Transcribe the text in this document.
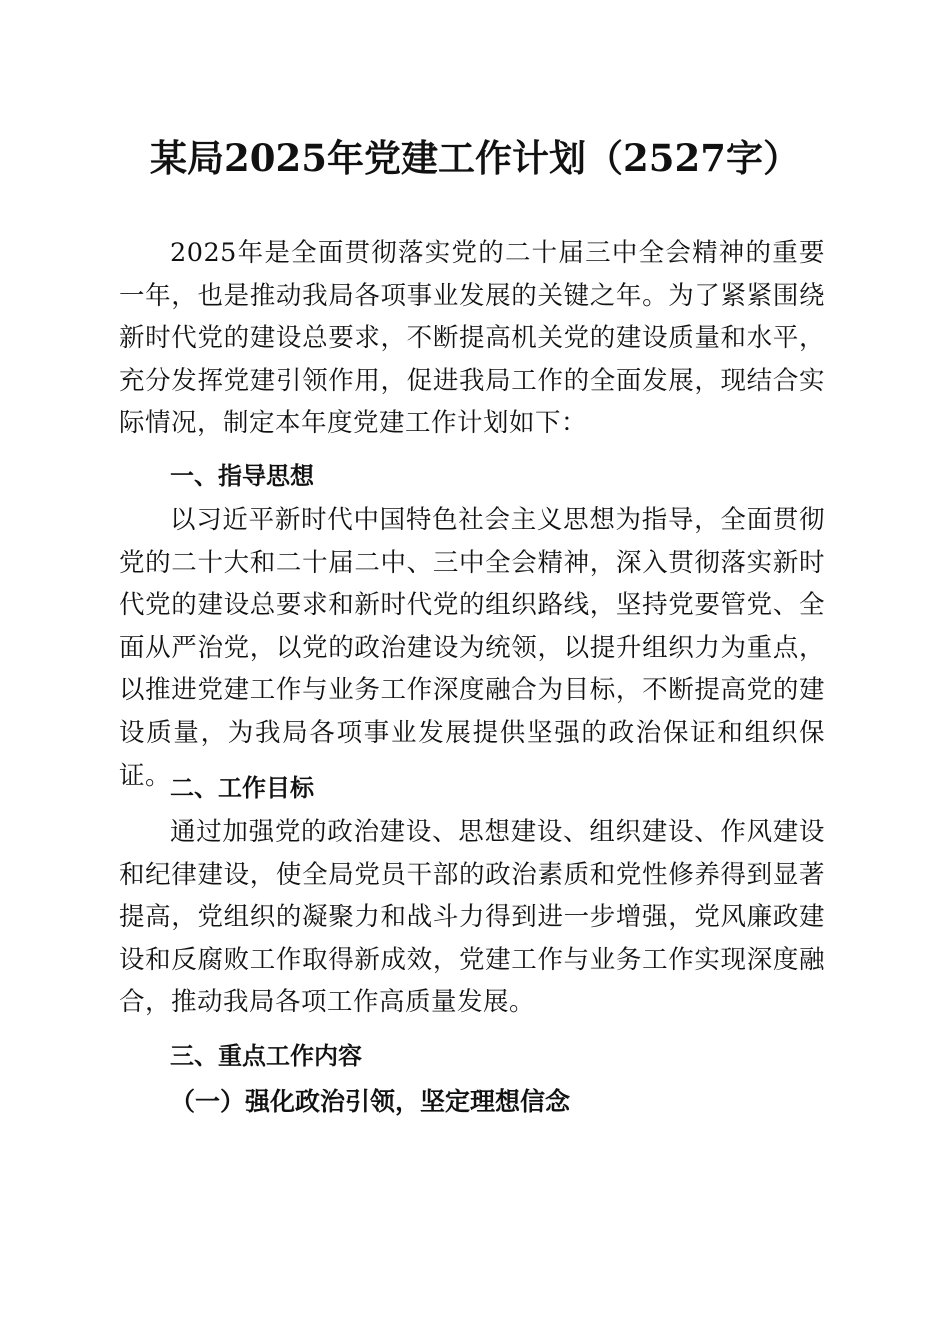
某局2025年党建工作计划（2527字）

2025年是全面贯彻落实党的二十届三中全会精神的重要一年，也是推动我局各项事业发展的关键之年。为了紧紧围绕新时代党的建设总要求，不断提高机关党的建设质量和水平，充分发挥党建引领作用，促进我局工作的全面发展，现结合实际情况，制定本年度党建工作计划如下：

一、指导思想

以习近平新时代中国特色社会主义思想为指导，全面贯彻党的二十大和二十届二中、三中全会精神，深入贯彻落实新时代党的建设总要求和新时代党的组织路线，坚持党要管党、全面从严治党，以党的政治建设为统领，以提升组织力为重点，以推进党建工作与业务工作深度融合为目标，不断提高党的建设质量，为我局各项事业发展提供坚强的政治保证和组织保证。

二、工作目标

通过加强党的政治建设、思想建设、组织建设、作风建设和纪律建设，使全局党员干部的政治素质和党性修养得到显著提高，党组织的凝聚力和战斗力得到进一步增强，党风廉政建设和反腐败工作取得新成效，党建工作与业务工作实现深度融合，推动我局各项工作高质量发展。

三、重点工作内容
（一）强化政治引领，坚定理想信念
